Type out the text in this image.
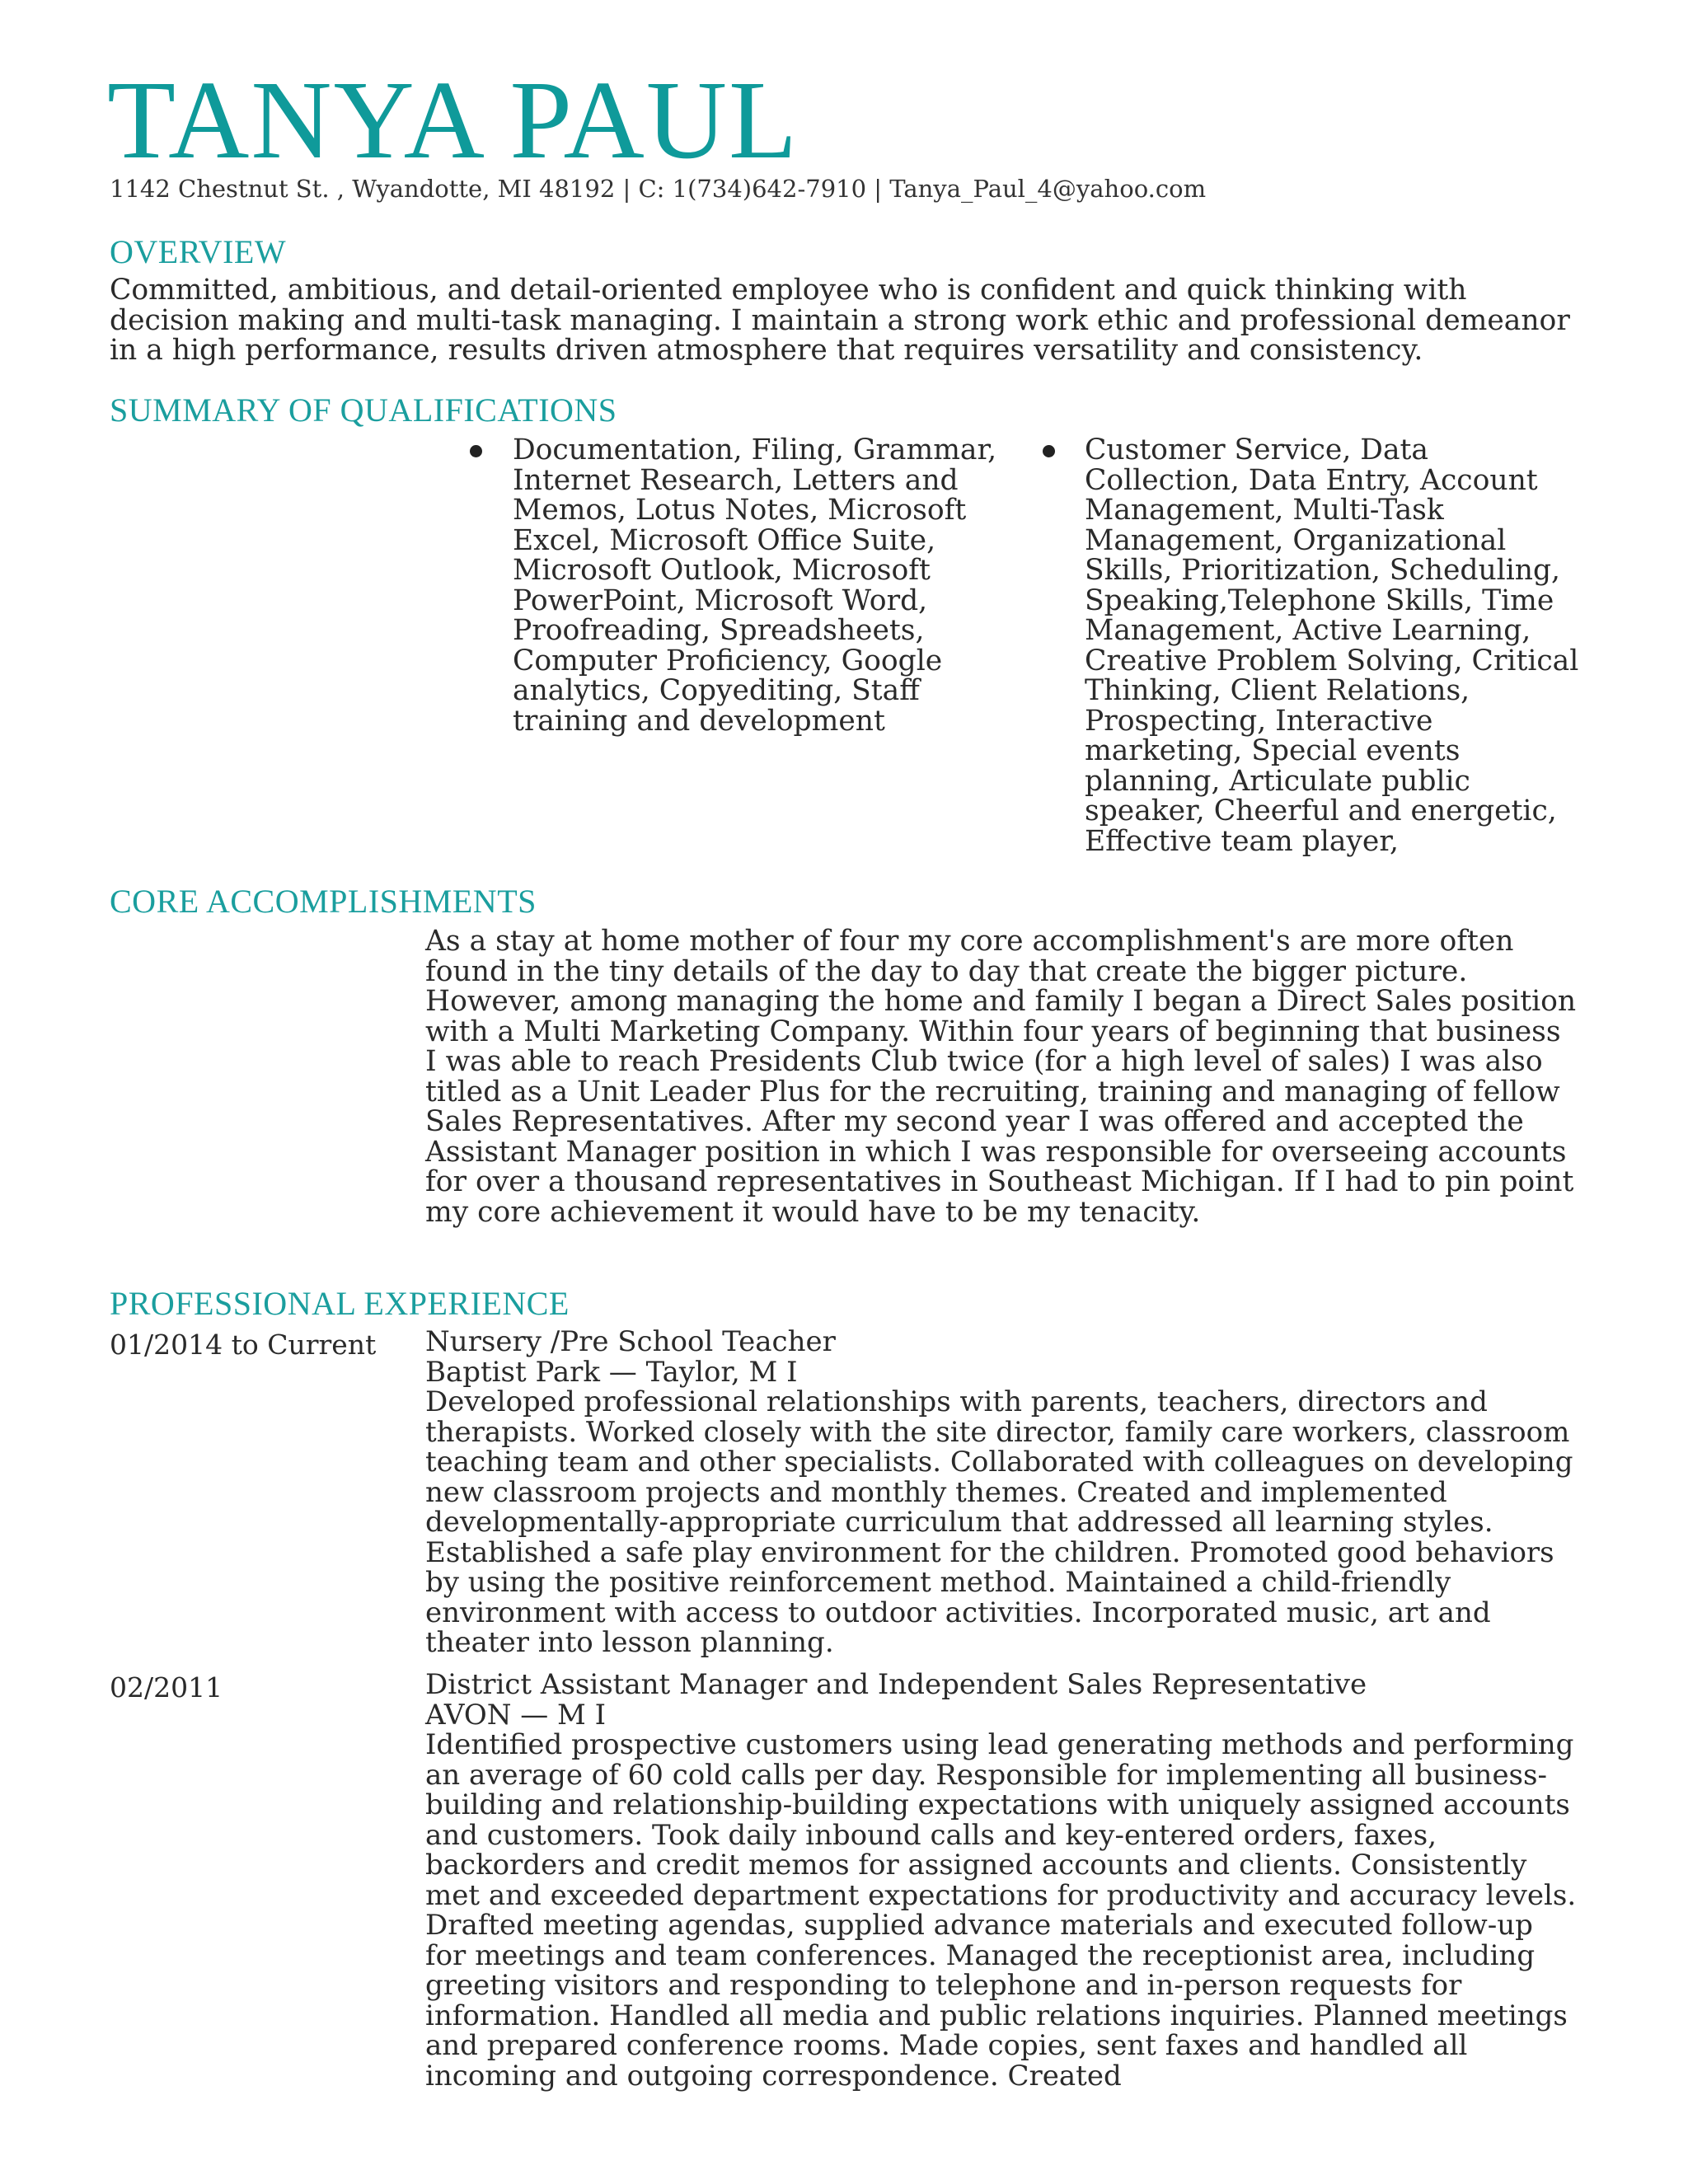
TANYA PAUL
1142 Chestnut St. , Wyandotte, MI 48192 | C: 1(734)642-7910 | Tanya_Paul_4@yahoo.com
OVERVIEW

Committed, ambitious, and detail-oriented employee who is confident and quick thinking with decision making and multi-task managing. I maintain a strong work ethic and professional demeanor in a high performance, results driven atmosphere that requires versatility and consistency.

SUMMARY OF QUALIFICATIONS

Documentation, Filing, Grammar, Internet Research, Letters and Memos, Lotus Notes, Microsoft Excel, Microsoft Office Suite, Microsoft Outlook, Microsoft PowerPoint, Microsoft Word, Proofreading, Spreadsheets, Computer Proficiency, Google analytics, Copyediting, Staff training and development

Customer Service, Data Collection, Data Entry, Account Management, Multi-Task Management, Organizational Skills, Prioritization, Scheduling, Speaking,Telephone Skills, Time Management, Active Learning, Creative Problem Solving, Critical Thinking, Client Relations, Prospecting, Interactive marketing, Special events planning, Articulate public speaker, Cheerful and energetic, Effective team player,

CORE ACCOMPLISHMENTS

As a stay at home mother of four my core accomplishment's are more often found in the tiny details of the day to day that create the bigger picture. However, among managing the home and family I began a Direct Sales position with a Multi Marketing Company. Within four years of beginning that business I was able to reach Presidents Club twice (for a high level of sales) I was also titled as a Unit Leader Plus for the recruiting, training and managing of fellow Sales Representatives. After my second year I was offered and accepted the Assistant Manager position in which I was responsible for overseeing accounts for over a thousand representatives in Southeast Michigan. If I had to pin point my core achievement it would have to be my tenacity.

PROFESSIONAL EXPERIENCE
01/2014 to Current Nursery /Pre School Teacher
Baptist Park — Taylor, M I
Developed professional relationships with parents, teachers, directors and therapists. Worked closely with the site director, family care workers, classroom teaching team and other specialists. Collaborated with colleagues on developing new classroom projects and monthly themes. Created and implemented developmentally-appropriate curriculum that addressed all learning styles. Established a safe play environment for the children. Promoted good behaviors by using the positive reinforcement method. Maintained a child-friendly environment with access to outdoor activities. Incorporated music, art and theater into lesson planning.
02/2011	District Assistant Manager and Independent Sales Representative
AVON — M I
Identified prospective customers using lead generating methods and performing an average of 60 cold calls per day. Responsible for implementing all business-building and relationship-building expectations with uniquely assigned accounts and customers. Took daily inbound calls and key-entered orders, faxes, backorders and credit memos for assigned accounts and clients. Consistently met and exceeded department expectations for productivity and accuracy levels. Drafted meeting agendas, supplied advance materials and executed follow-up for meetings and team conferences. Managed the receptionist area, including greeting visitors and responding to telephone and in-person requests for information. Handled all media and public relations inquiries. Planned meetings and prepared conference rooms. Made copies, sent faxes and handled all incoming and outgoing correspondence. Created
